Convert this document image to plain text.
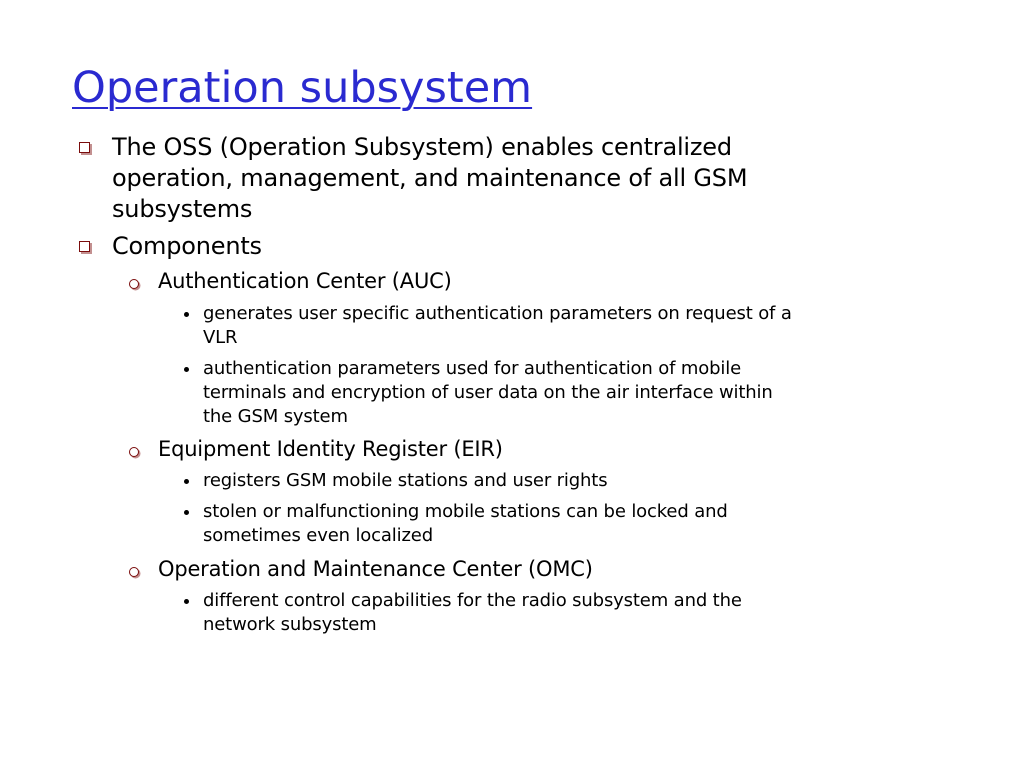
Operation subsystem
The OSS (Operation Subsystem) enables centralized
operation, management, and maintenance of all GSM
subsystems
Components
Authentication Center (AUC)
generates user specific authentication parameters on request of a
VLR
authentication parameters used for authentication of mobile
terminals and encryption of user data on the air interface within
the GSM system
Equipment Identity Register (EIR)
registers GSM mobile stations and user rights
stolen or malfunctioning mobile stations can be locked and
sometimes even localized
Operation and Maintenance Center (OMC)
different control capabilities for the radio subsystem and the
network subsystem
